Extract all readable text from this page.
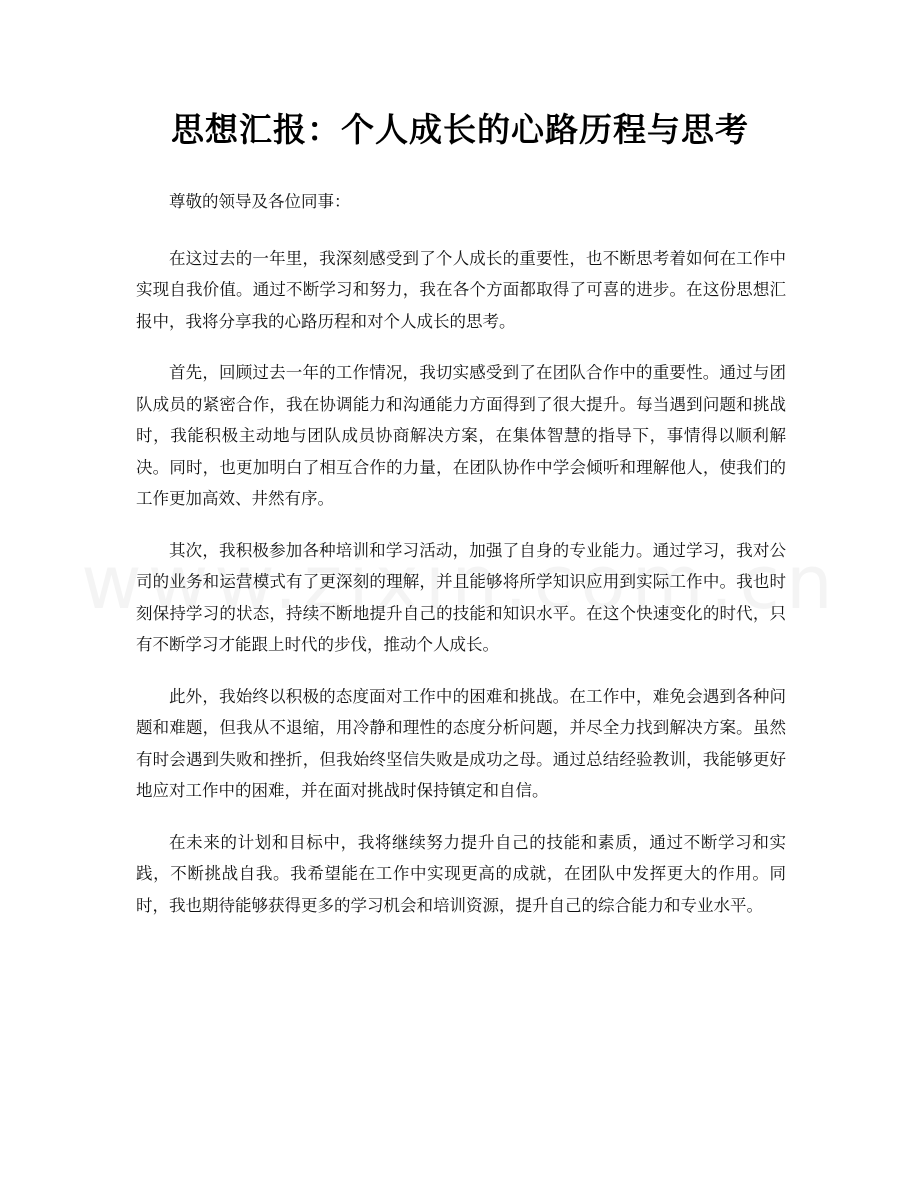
思想汇报：个人成长的心路历程与思考

尊敬的领导及各位同事：

在这过去的一年里，我深刻感受到了个人成长的重要性，也不断思考着如何在工作中实现自我价值。通过不断学习和努力，我在各个方面都取得了可喜的进步。在这份思想汇报中，我将分享我的心路历程和对个人成长的思考。

首先，回顾过去一年的工作情况，我切实感受到了在团队合作中的重要性。通过与团队成员的紧密合作，我在协调能力和沟通能力方面得到了很大提升。每当遇到问题和挑战时，我能积极主动地与团队成员协商解决方案，在集体智慧的指导下，事情得以顺利解决。同时，也更加明白了相互合作的力量，在团队协作中学会倾听和理解他人，使我们的工作更加高效、井然有序。

其次，我积极参加各种培训和学习活动，加强了自身的专业能力。通过学习，我对公司的业务和运营模式有了更深刻的理解，并且能够将所学知识应用到实际工作中。我也时刻保持学习的状态，持续不断地提升自己的技能和知识水平。在这个快速变化的时代，只有不断学习才能跟上时代的步伐，推动个人成长。

此外，我始终以积极的态度面对工作中的困难和挑战。在工作中，难免会遇到各种问题和难题，但我从不退缩，用冷静和理性的态度分析问题，并尽全力找到解决方案。虽然有时会遇到失败和挫折，但我始终坚信失败是成功之母。通过总结经验教训，我能够更好地应对工作中的困难，并在面对挑战时保持镇定和自信。

在未来的计划和目标中，我将继续努力提升自己的技能和素质，通过不断学习和实践，不断挑战自我。我希望能在工作中实现更高的成就，在团队中发挥更大的作用。同时，我也期待能够获得更多的学习机会和培训资源，提升自己的综合能力和专业水平。
